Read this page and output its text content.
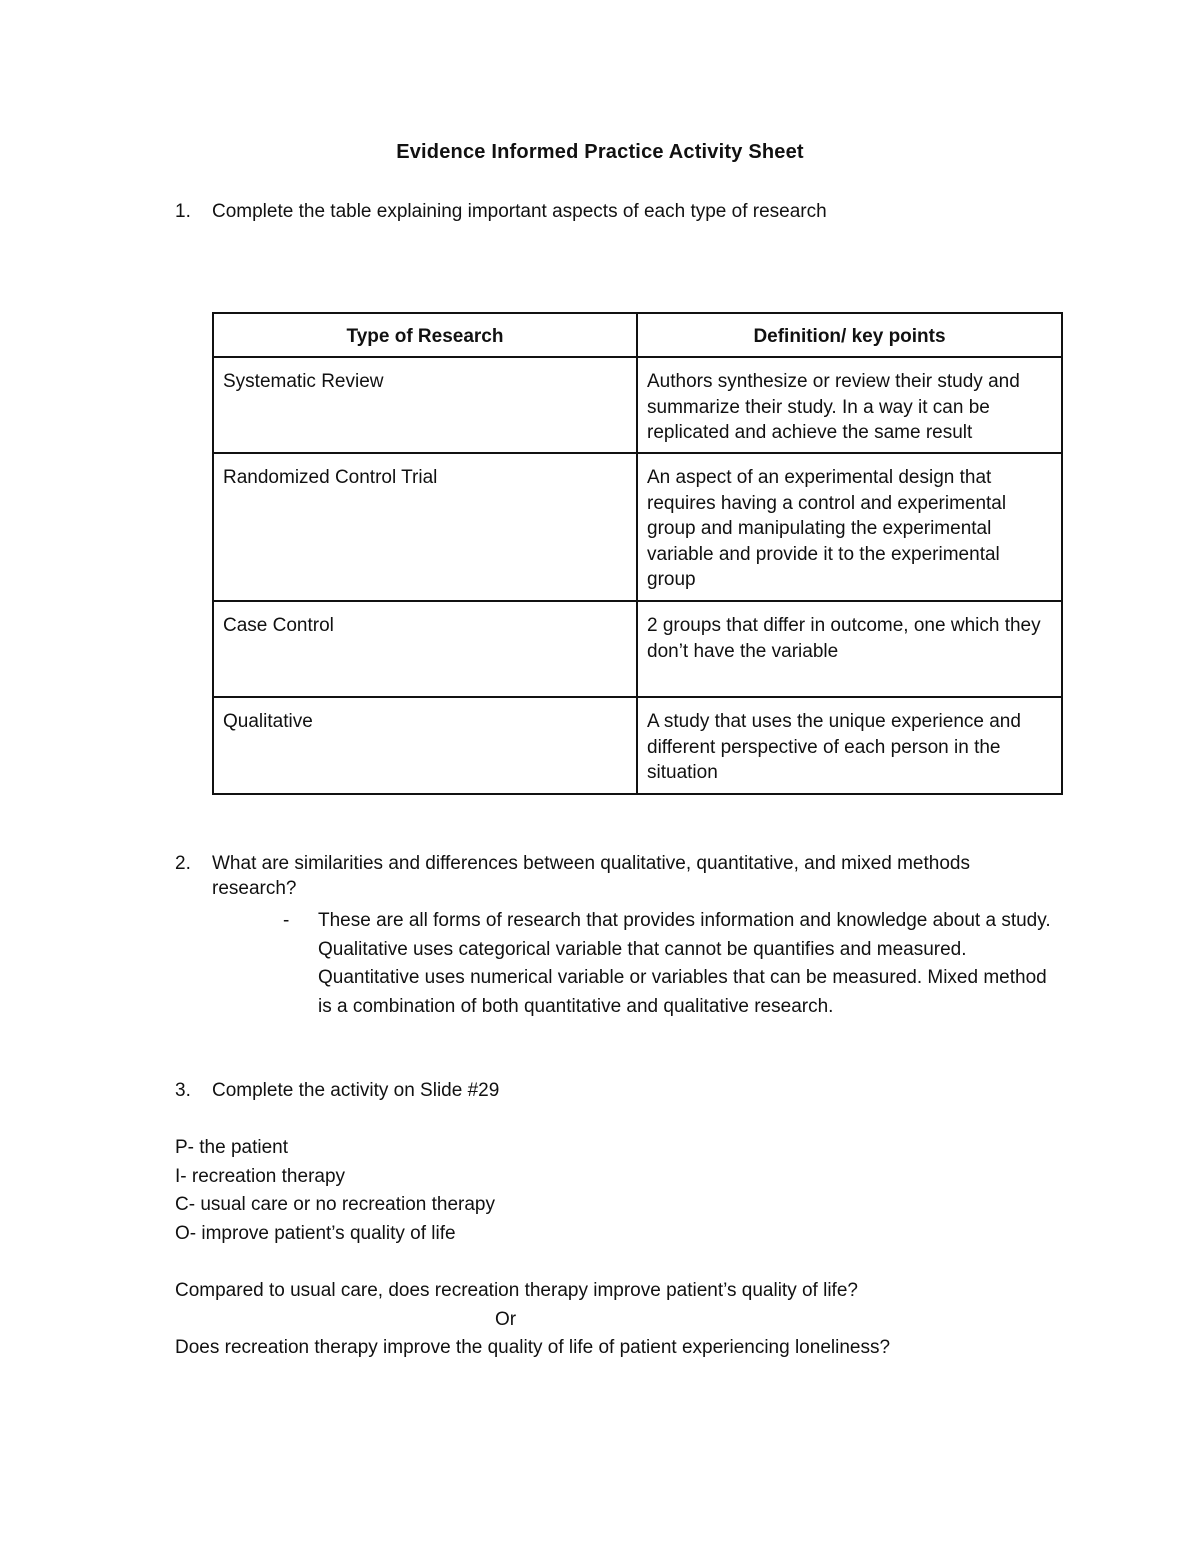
Evidence Informed Practice Activity Sheet
1. Complete the table explaining important aspects of each type of research
Type of Research	Definition/ key points
Systematic Review	Authors synthesize or review their study and summarize their study. In a way it can be replicated and achieve the same result
Randomized Control Trial	An aspect of an experimental design that requires having a control and experimental group and manipulating the experimental variable and provide it to the experimental group
Case Control	2 groups that differ in outcome, one which they don’t have the variable
Qualitative	A study that uses the unique experience and different perspective of each person in the situation
2. What are similarities and differences between qualitative, quantitative, and mixed methods research?
- These are all forms of research that provides information and knowledge about a study. Qualitative uses categorical variable that cannot be quantifies and measured. Quantitative uses numerical variable or variables that can be measured. Mixed method is a combination of both quantitative and qualitative research.
3. Complete the activity on Slide #29
P- the patient
I- recreation therapy
C- usual care or no recreation therapy
O- improve patient’s quality of life
Compared to usual care, does recreation therapy improve patient’s quality of life?
Or
Does recreation therapy improve the quality of life of patient experiencing loneliness?
